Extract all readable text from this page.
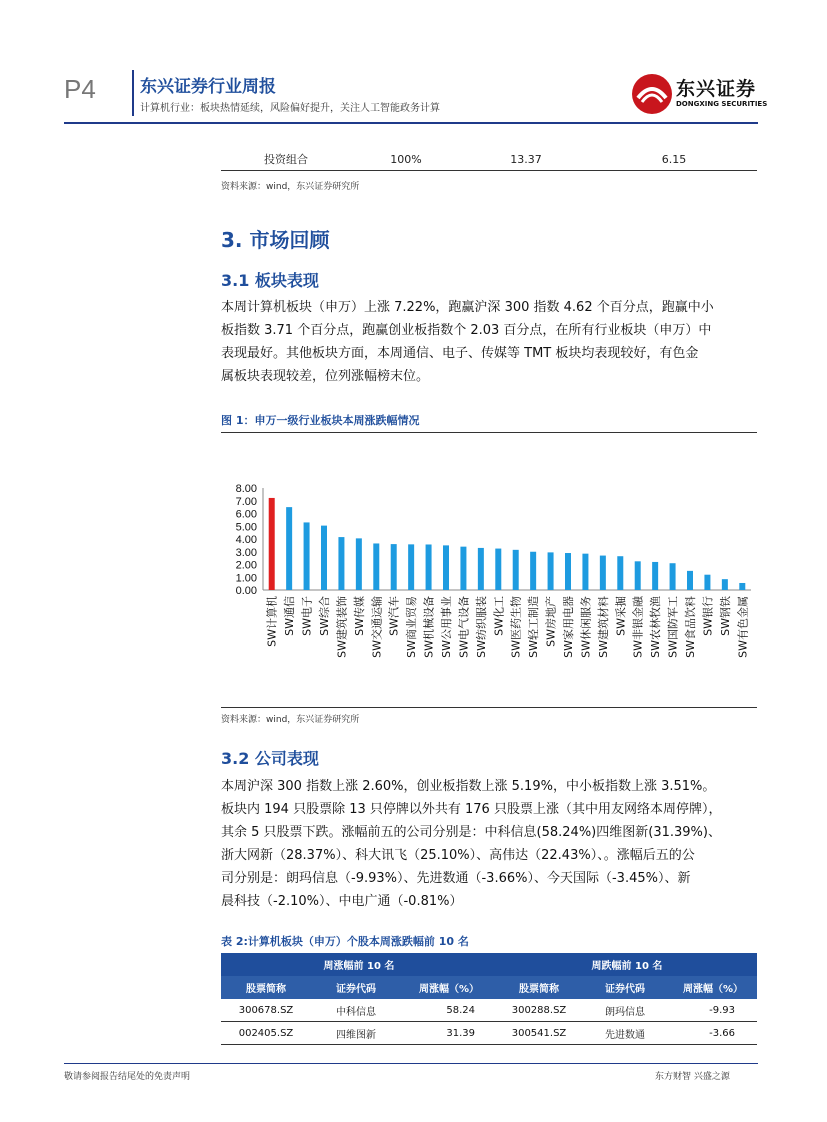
P4	东兴证券行业周报
计算机行业：板块热情延续，风险偏好提升，关注人工智能政务计算
东兴证券
DONGXING SECURITIES
投资组合	100%	13.37	6.15
资料来源：wind，东兴证券研究所
3. 市场回顾
3.1 板块表现
本周计算机板块（申万）上涨 7.22%，跑赢沪深 300 指数 4.62 个百分点，跑赢中小
板指数 3.71 个百分点，跑赢创业板指数个 2.03 百分点，在所有行业板块（申万）中
表现最好。其他板块方面，本周通信、电子、传媒等 TMT 板块均表现较好，有色金
属板块表现较差，位列涨幅榜末位。
图 1：申万一级行业板块本周涨跌幅情况
0.00
1.00
2.00
3.00
4.00
5.00
6.00
7.00
8.00
SW计算机 SW通信 SW电子 SW综合 SW建筑装饰 SW传媒 SW交通运输 SW汽车 SW商业贸易 SW机械设备 SW公用事业 SW电气设备 SW纺织服装 SW化工 SW医药生物 SW轻工制造 SW房地产 SW家用电器 SW休闲服务 SW建筑材料 SW采掘 SW非银金融 SW农林牧渔 SW国防军工 SW食品饮料 SW银行 SW钢铁 SW有色金属
资料来源：wind，东兴证券研究所
3.2 公司表现
本周沪深 300 指数上涨 2.60%，创业板指数上涨 5.19%，中小板指数上涨 3.51%。
板块内 194 只股票除 13 只停牌以外共有 176 只股票上涨（其中用友网络本周停牌），
其余 5 只股票下跌。涨幅前五的公司分别是：中科信息(58.24%)四维图新(31.39%)、
浙大网新（28.37%）、科大讯飞（25.10%）、高伟达（22.43%）、。涨幅后五的公
司分别是：朗玛信息（-9.93%）、先进数通（-3.66%）、今天国际（-3.45%）、新
晨科技（-2.10%）、中电广通（-0.81%）
表 2:计算机板块（申万）个股本周涨跌幅前 10 名
周涨幅前 10 名	周跌幅前 10 名
股票简称	证券代码	周涨幅（%）	股票简称	证券代码	周涨幅（%）
300678.SZ	中科信息	58.24	300288.SZ	朗玛信息	-9.93
002405.SZ	四维图新	31.39	300541.SZ	先进数通	-3.66
敬请参阅报告结尾处的免责声明	东方财智 兴盛之源
